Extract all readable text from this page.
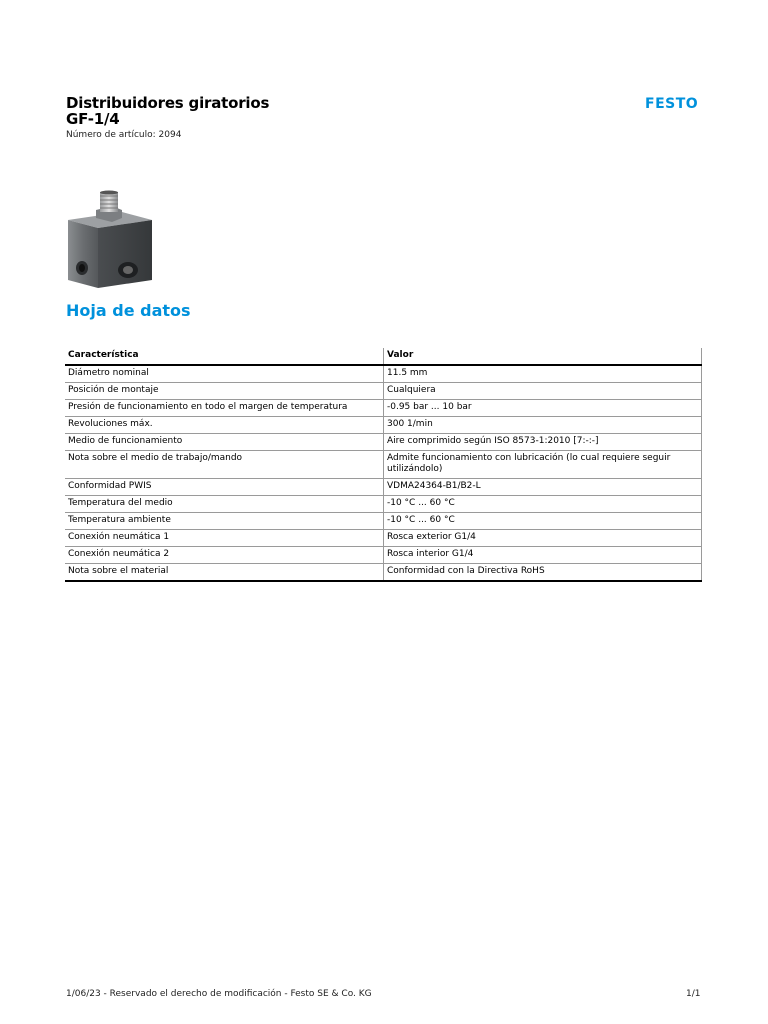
Distribuidores giratorios
GF-1/4
Número de artículo: 2094
FESTO
Hoja de datos
Característica	Valor
Diámetro nominal	11.5 mm
Posición de montaje	Cualquiera
Presión de funcionamiento en todo el margen de temperatura	-0.95 bar ... 10 bar
Revoluciones máx.	300 1/min
Medio de funcionamiento	Aire comprimido según ISO 8573-1:2010 [7:-:-]
Nota sobre el medio de trabajo/mando	Admite funcionamiento con lubricación (lo cual requiere seguir utilizándolo)
Conformidad PWIS	VDMA24364-B1/B2-L
Temperatura del medio	-10 °C ... 60 °C
Temperatura ambiente	-10 °C ... 60 °C
Conexión neumática 1	Rosca exterior G1/4
Conexión neumática 2	Rosca interior G1/4
Nota sobre el material	Conformidad con la Directiva RoHS
1/06/23 - Reservado el derecho de modificación - Festo SE & Co. KG	1/1
